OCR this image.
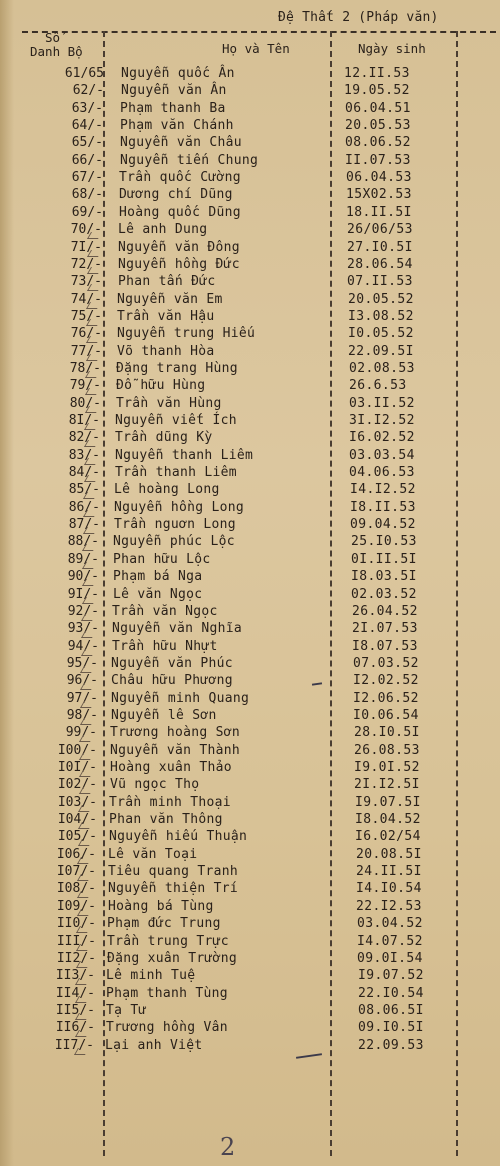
Đệ Thất 2 (Pháp văn)
Số
Danh Bộ	Họ và Tên	Ngày sinh
61/65 Nguyễn quốc Ân	12.II.53
62/- Nguyễn văn Ân	19.05.52
63/- Phạm thanh Ba	06.04.51
64/- Phạm văn Chánh	20.05.53
65/- Nguyễn văn Châu	08.06.52
66/- Nguyễn tiến Chung	II.07.53
67/- Trần quốc Cường	06.04.53
68/- Dương chí Dũng	15X02.53
69/- Hoàng quốc Dũng	18.II.5I
70/- Lê anh Dung	26/06/53
7I/- Nguyễn văn Đông	27.I0.5I
72/- Nguyễn hồng Đức	28.06.54
73/- Phan tấn Đức	07.II.53
74/- Nguyễn văn Em	20.05.52
75/- Trần văn Hậu	I3.08.52
76/- Nguyễn trung Hiếu	I0.05.52
77/- Võ thanh Hòa	22.09.5I
78/- Đặng trang Hùng	02.08.53
79/- Đỗ hữu Hùng	26.6.53
80/- Trần văn Hùng	03.II.52
8I/- Nguyễn viết Ích	3I.I2.52
82/- Trần dũng Kỳ	I6.02.52
83/- Nguyễn thanh Liêm	03.03.54
84/- Trần thanh Liêm	04.06.53
85/- Lê hoàng Long	I4.I2.52
86/- Nguyễn hồng Long	I8.II.53
87/- Trần nguơn Long	09.04.52
88/- Nguyễn phúc Lộc	25.I0.53
89/- Phan hữu Lộc	0I.II.5I
90/- Phạm bá Nga	I8.03.5I
9I/- Lê văn Ngọc	02.03.52
92/- Trần văn Ngọc	26.04.52
93/- Nguyễn văn Nghĩa	2I.07.53
94/- Trần hữu Nhựt	I8.07.53
95/- Nguyễn văn Phúc	07.03.52
96/- Châu hữu Phương	I2.02.52
97/- Nguyễn minh Quang	I2.06.52
98/- Nguyễn lê Sơn	I0.06.54
99/- Trương hoàng Sơn	28.I0.5I
I00/- Nguyễn văn Thành	26.08.53
I0I/- Hoàng xuân Thảo	I9.0I.52
I02/- Vũ ngọc Thọ	2I.I2.5I
I03/- Trần minh Thoại	I9.07.5I
I04/- Phan văn Thông	I8.04.52
I05/- Nguyễn hiếu Thuận	I6.02/54
I06/- Lê văn Toại	20.08.5I
I07/- Tiêu quang Tranh	24.II.5I
I08/- Nguyễn thiện Trí	I4.I0.54
I09/- Hoàng bá Tùng	22.I2.53
II0/- Phạm đức Trung	03.04.52
III/- Trần trung Trực	I4.07.52
II2/- Đặng xuân Trường	09.0I.54
II3/- Lê minh Tuệ	I9.07.52
II4/- Phạm thanh Tùng	22.I0.54
II5/- Tạ Tư	08.06.5I
II6/- Trương hồng Vân	09.I0.5I
II7/- Lại anh Việt	22.09.53
2
